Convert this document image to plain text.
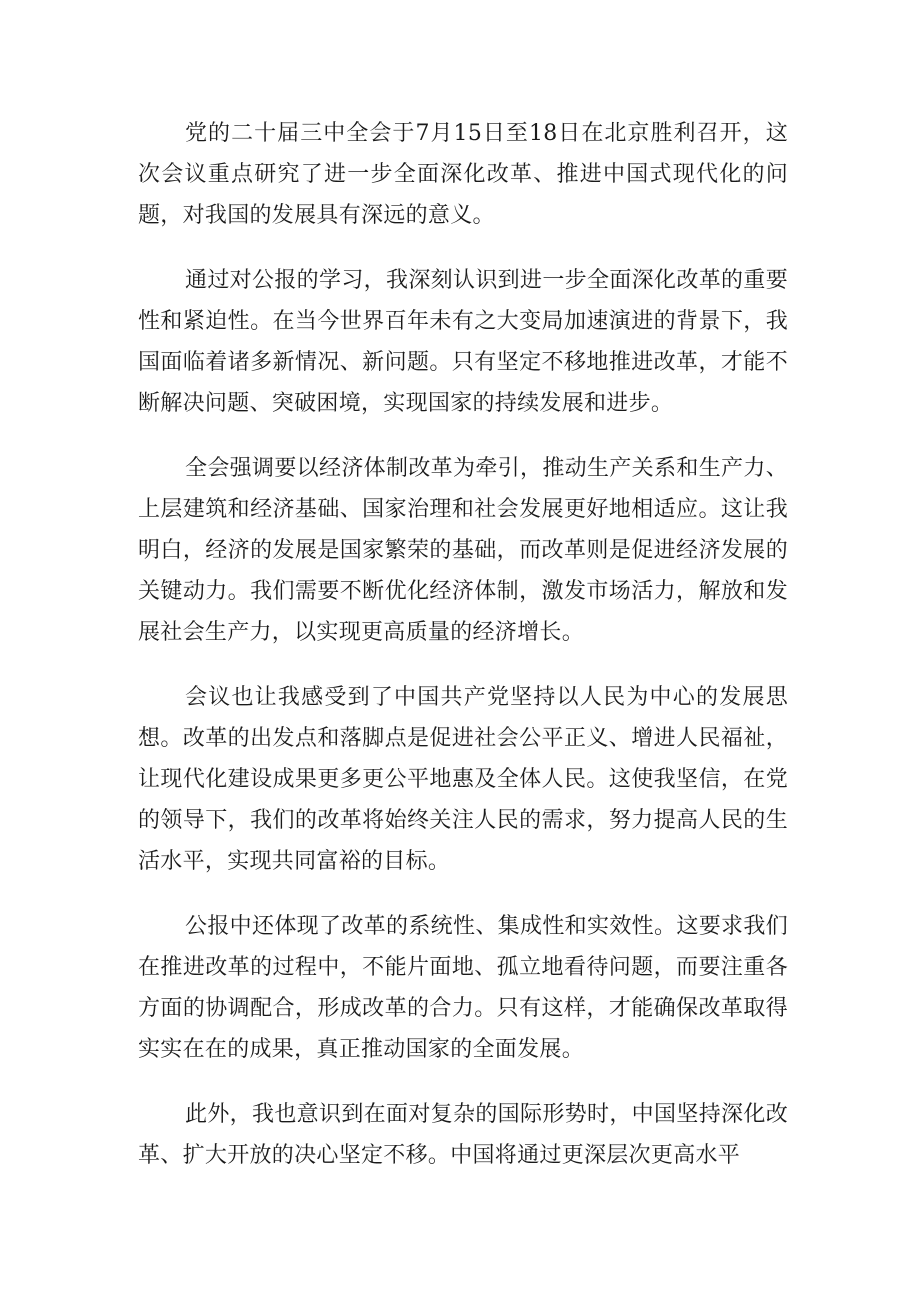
党的二十届三中全会于7月15日至18日在北京胜利召开，这次会议重点研究了进一步全面深化改革、推进中国式现代化的问题，对我国的发展具有深远的意义。

通过对公报的学习，我深刻认识到进一步全面深化改革的重要性和紧迫性。在当今世界百年未有之大变局加速演进的背景下，我国面临着诸多新情况、新问题。只有坚定不移地推进改革，才能不断解决问题、突破困境，实现国家的持续发展和进步。

全会强调要以经济体制改革为牵引，推动生产关系和生产力、上层建筑和经济基础、国家治理和社会发展更好地相适应。这让我明白，经济的发展是国家繁荣的基础，而改革则是促进经济发展的关键动力。我们需要不断优化经济体制，激发市场活力，解放和发展社会生产力，以实现更高质量的经济增长。

会议也让我感受到了中国共产党坚持以人民为中心的发展思想。改革的出发点和落脚点是促进社会公平正义、增进人民福祉，让现代化建设成果更多更公平地惠及全体人民。这使我坚信，在党的领导下，我们的改革将始终关注人民的需求，努力提高人民的生活水平，实现共同富裕的目标。

公报中还体现了改革的系统性、集成性和实效性。这要求我们在推进改革的过程中，不能片面地、孤立地看待问题，而要注重各方面的协调配合，形成改革的合力。只有这样，才能确保改革取得实实在在的成果，真正推动国家的全面发展。

此外，我也意识到在面对复杂的国际形势时，中国坚持深化改革、扩大开放的决心坚定不移。中国将通过更深层次更高水平
